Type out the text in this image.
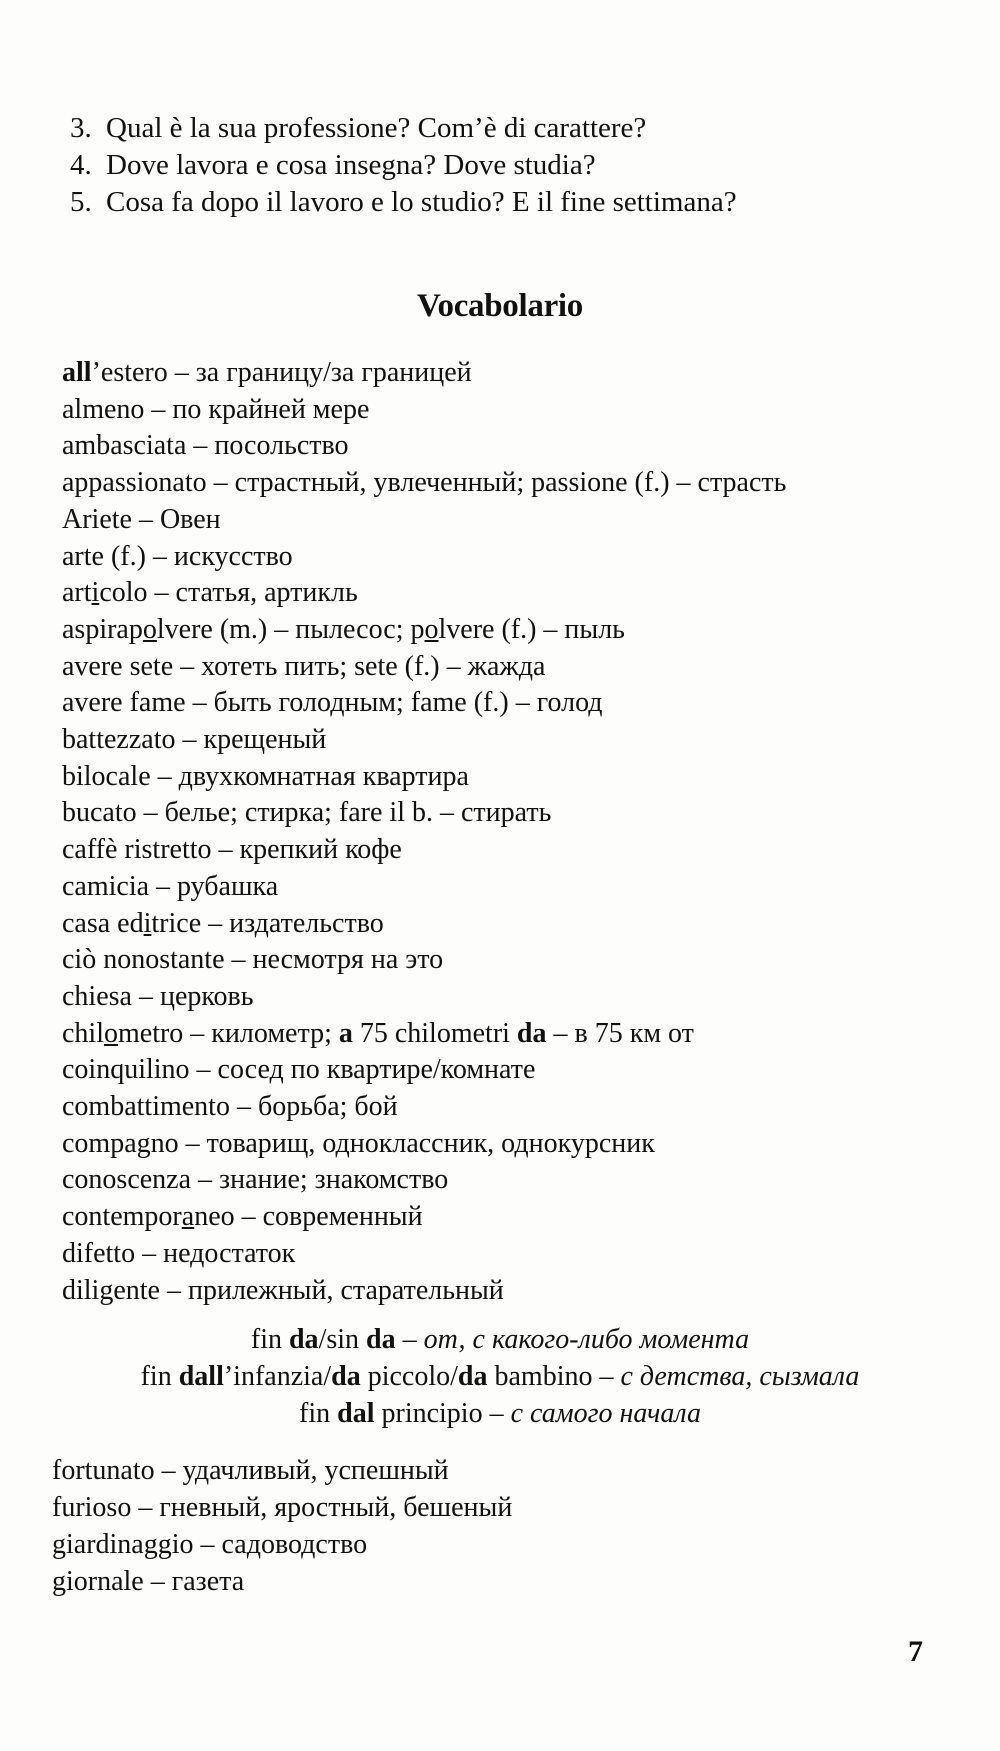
3. Qual è la sua professione? Com’è di carattere?
4. Dove lavora e cosa insegna? Dove studia?
5. Cosa fa dopo il lavoro e lo studio? E il fine settimana?
Vocabolario
all’estero – за границу/за границей
almeno – по крайней мере
ambasciata – посольство
appassionato – страстный, увлеченный; passione (f.) – страсть
Ariete – Овен
arte (f.) – искусство
articolo – статья, артикль
aspirapolvere (m.) – пылесос; polvere (f.) – пыль
avere sete – хотеть пить; sete (f.) – жажда
avere fame – быть голодным; fame (f.) – голод
battezzato – крещеный
bilocale – двухкомнатная квартира
bucato – белье; стирка; fare il b. – стирать
caffè ristretto – крепкий кофе
camicia – рубашка
casa editrice – издательство
ciò nonostante – несмотря на это
chiesa – церковь
chilometro – километр; a 75 chilometri da – в 75 км от
coinquilino – сосед по квартире/комнате
combattimento – борьба; бой
compagno – товарищ, одноклассник, однокурсник
conoscenza – знание; знакомство
contemporaneo – современный
difetto – недостаток
diligente – прилежный, старательный
fin da/sin da – от, с какого-либо момента
fin dall’infanzia/da piccolo/da bambino – с детства, сызмала
fin dal principio – с самого начала
fortunato – удачливый, успешный
furioso – гневный, яростный, бешеный
giardinaggio – садоводство
giornale – газета
7
